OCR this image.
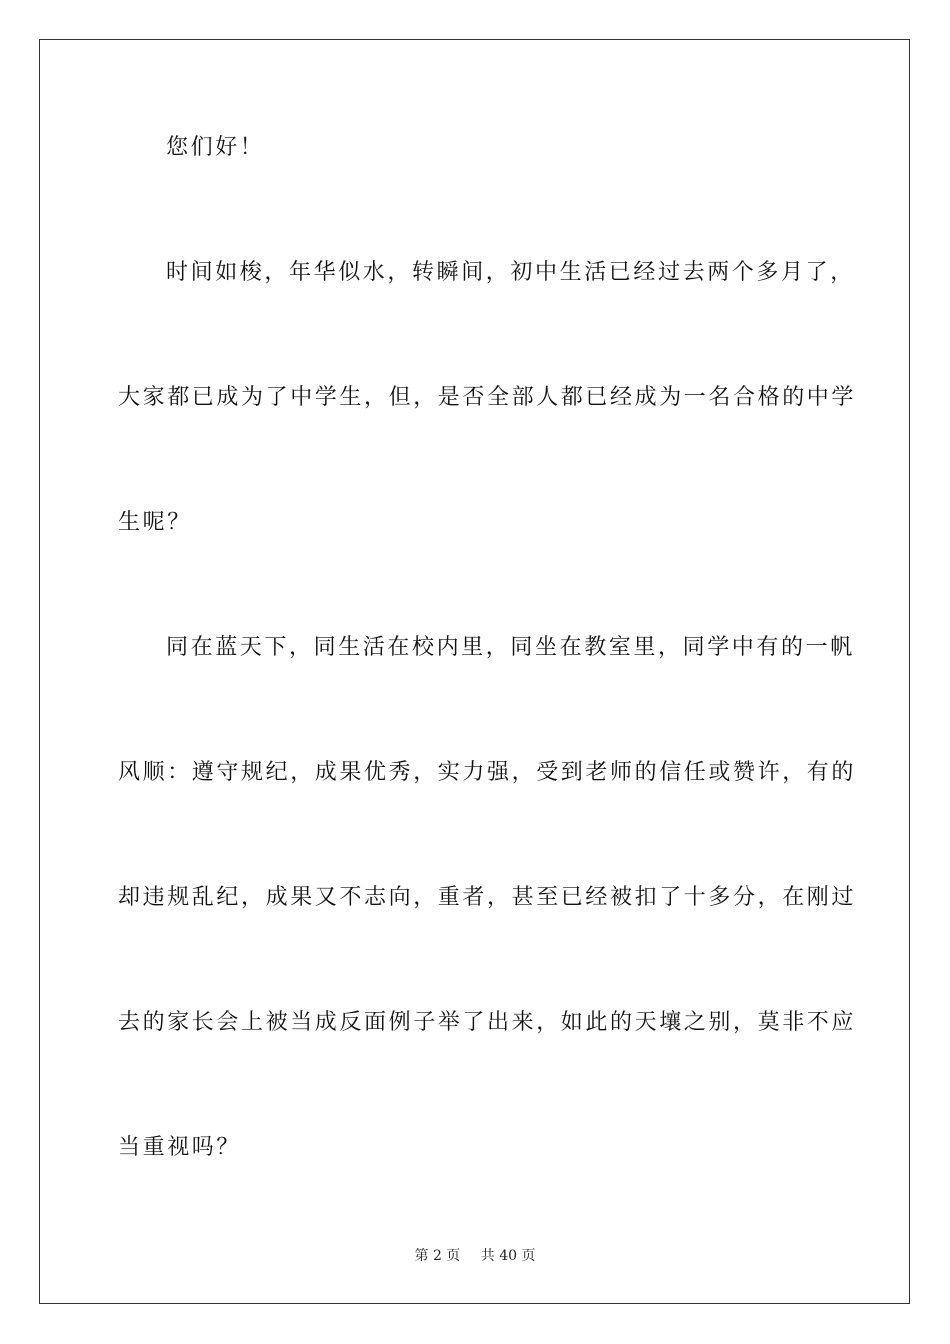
您们好！
时间如梭，年华似水，转瞬间，初中生活已经过去两个多月了，
大家都已成为了中学生，但，是否全部人都已经成为一名合格的中学
生呢？
同在蓝天下，同生活在校内里，同坐在教室里，同学中有的一帆
风顺：遵守规纪，成果优秀，实力强，受到老师的信任或赞许，有的
却违规乱纪，成果又不志向，重者，甚至已经被扣了十多分，在刚过
去的家长会上被当成反面例子举了出来，如此的天壤之别，莫非不应
当重视吗？
第 2 页 共 40 页
